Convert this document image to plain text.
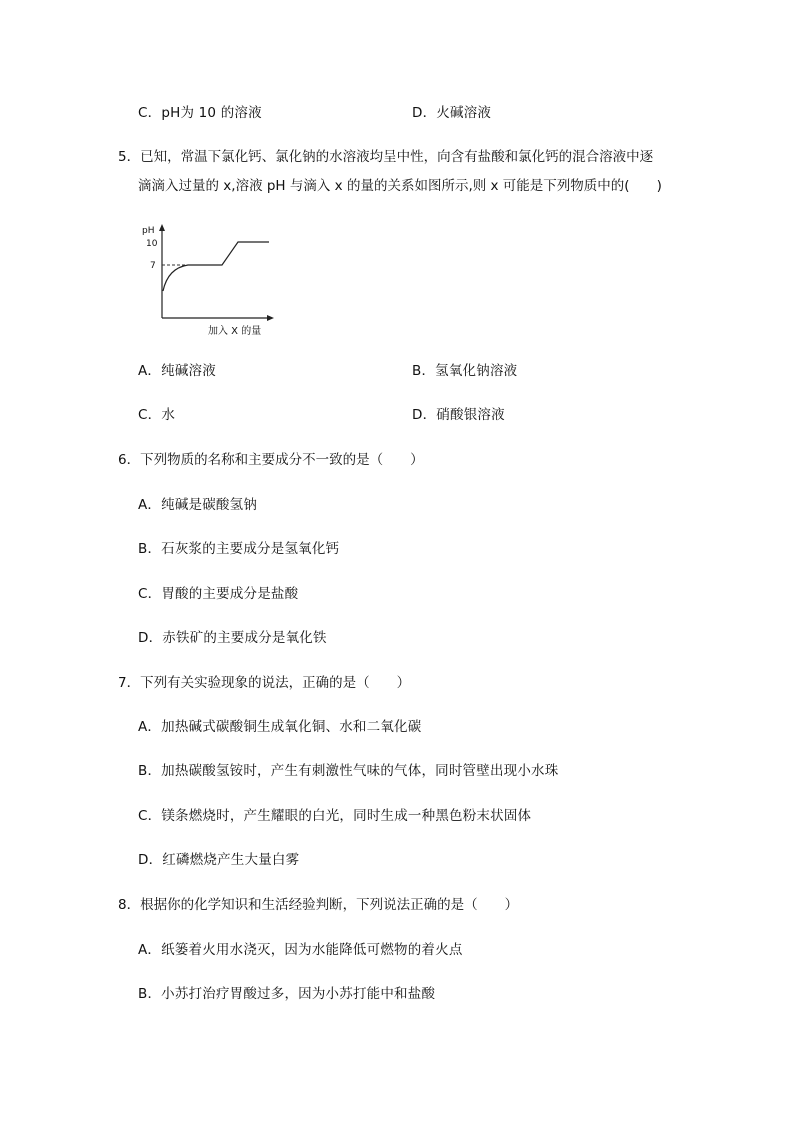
C．pH为 10 的溶液	D．火碱溶液
5．已知，常温下氯化钙、氯化钠的水溶液均呈中性，向含有盐酸和氯化钙的混合溶液中逐
滴滴入过量的 x,溶液 pH 与滴入 x 的量的关系如图所示,则 x 可能是下列物质中的(　　)
pH
10
7
加入 X 的量
A．纯碱溶液	B．氢氧化钠溶液
C．水	D．硝酸银溶液
6．下列物质的名称和主要成分不一致的是（　　）
A．纯碱是碳酸氢钠
B．石灰浆的主要成分是氢氧化钙
C．胃酸的主要成分是盐酸
D．赤铁矿的主要成分是氧化铁
7．下列有关实验现象的说法，正确的是（　　）
A．加热碱式碳酸铜生成氧化铜、水和二氧化碳
B．加热碳酸氢铵时，产生有刺激性气味的气体，同时管壁出现小水珠
C．镁条燃烧时，产生耀眼的白光，同时生成一种黑色粉末状固体
D．红磷燃烧产生大量白雾
8．根据你的化学知识和生活经验判断，下列说法正确的是（　　）
A．纸篓着火用水浇灭，因为水能降低可燃物的着火点
B．小苏打治疗胃酸过多，因为小苏打能中和盐酸
